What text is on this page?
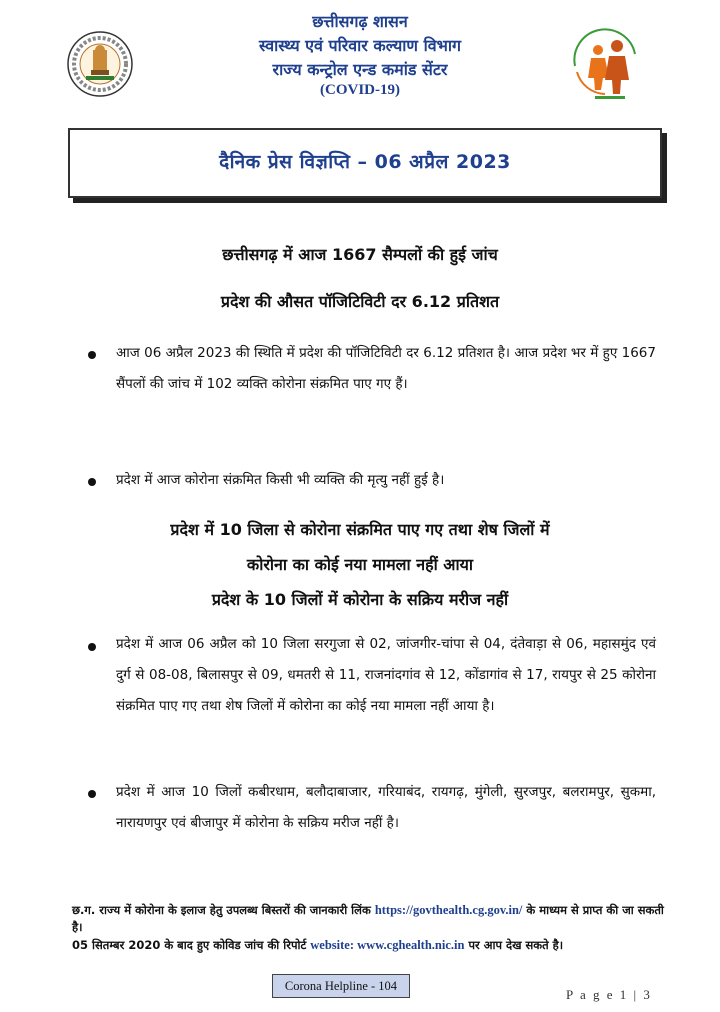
छत्तीसगढ़ शासन
स्वास्थ्य एवं परिवार कल्याण विभाग
राज्य कन्ट्रोल एन्ड कमांड सेंटर
(COVID-19)
दैनिक प्रेस विज्ञप्ति – 06 अप्रैल 2023
छत्तीसगढ़ में आज 1667 सैम्पलों की हुई जांच
प्रदेश की औसत पॉजिटिविटी दर 6.12 प्रतिशत
आज 06 अप्रैल 2023 की स्थिति में प्रदेश की पॉजिटिविटी दर 6.12 प्रतिशत है। आज प्रदेश भर में हुए 1667 सैंपलों की जांच में 102 व्यक्ति कोरोना संक्रमित पाए गए हैं।
प्रदेश में आज कोरोना संक्रमित किसी भी व्यक्ति की मृत्यु नहीं हुई है।
प्रदेश में 10 जिला से कोरोना संक्रमित पाए गए तथा शेष जिलों में
कोरोना का कोई नया मामला नहीं आया
प्रदेश के 10 जिलों में कोरोना के सक्रिय मरीज नहीं
प्रदेश में आज 06 अप्रैल को 10 जिला सरगुजा से 02, जांजगीर-चांपा से 04, दंतेवाड़ा से 06, महासमुंद एवं दुर्ग से 08-08, बिलासपुर से 09, धमतरी से 11, राजनांदगांव से 12, कोंडागांव से 17, रायपुर से 25 कोरोना संक्रमित पाए गए तथा शेष जिलों में कोरोना का कोई नया मामला नहीं आया है।
प्रदेश में आज 10 जिलों कबीरधाम, बलौदाबाजार, गरियाबंद, रायगढ़, मुंगेली, सुरजपुर, बलरामपुर, सुकमा, नारायणपुर एवं बीजापुर में कोरोना के सक्रिय मरीज नहीं है।
छ.ग. राज्य में कोरोना के इलाज हेतु उपलब्ध बिस्तरों की जानकारी लिंक https://govthealth.cg.gov.in/ के माध्यम से प्राप्त की जा सकती है।
05 सितम्बर 2020 के बाद हुए कोविड जांच की रिपोर्ट website: www.cghealth.nic.in पर आप देख सकते है।
Corona Helpline - 104
P a g e 1 | 3
